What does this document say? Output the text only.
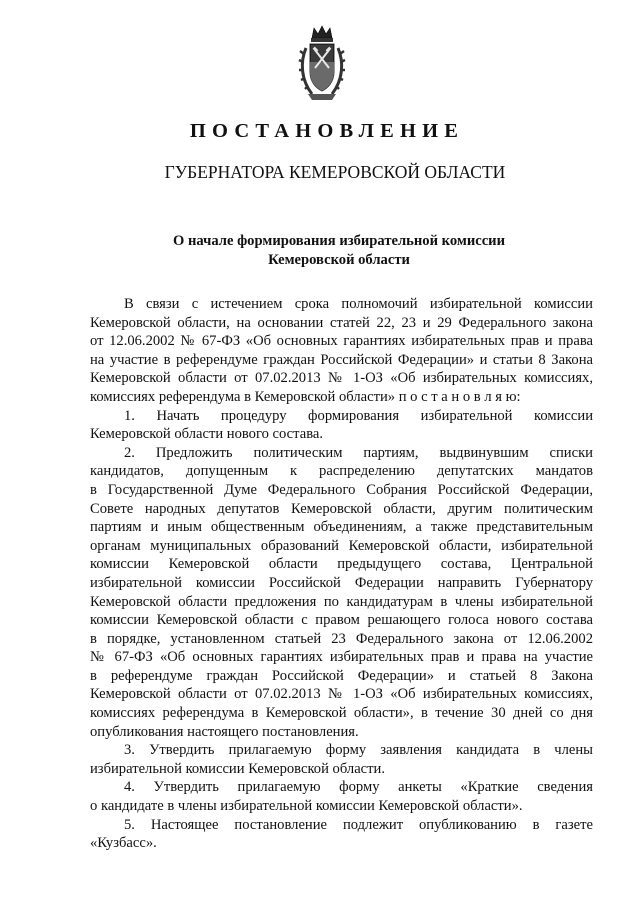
ПОСТАНОВЛЕНИЕ
ГУБЕРНАТОРА КЕМЕРОВСКОЙ ОБЛАСТИ
О начале формирования избирательной комиссии
Кемеровской области
В связи с истечением срока полномочий избирательной комиссии
Кемеровской области, на основании статей 22, 23 и 29 Федерального закона
от 12.06.2002 № 67-ФЗ «Об основных гарантиях избирательных прав и права
на участие в референдуме граждан Российской Федерации» и статьи 8 Закона
Кемеровской области от 07.02.2013 № 1-ОЗ «Об избирательных комиссиях,
комиссиях референдума в Кемеровской области» п о с т а н о в л я ю:
1. Начать процедуру формирования избирательной комиссии
Кемеровской области нового состава.
2. Предложить политическим партиям, выдвинувшим списки
кандидатов, допущенным к распределению депутатских мандатов
в Государственной Думе Федерального Собрания Российской Федерации,
Совете народных депутатов Кемеровской области, другим политическим
партиям и иным общественным объединениям, а также представительным
органам муниципальных образований Кемеровской области, избирательной
комиссии Кемеровской области предыдущего состава, Центральной
избирательной комиссии Российской Федерации направить Губернатору
Кемеровской области предложения по кандидатурам в члены избирательной
комиссии Кемеровской области с правом решающего голоса нового состава
в порядке, установленном статьей 23 Федерального закона от 12.06.2002
№ 67-ФЗ «Об основных гарантиях избирательных прав и права на участие
в референдуме граждан Российской Федерации» и статьей 8 Закона
Кемеровской области от 07.02.2013 № 1-ОЗ «Об избирательных комиссиях,
комиссиях референдума в Кемеровской области», в течение 30 дней со дня
опубликования настоящего постановления.
3. Утвердить прилагаемую форму заявления кандидата в члены
избирательной комиссии Кемеровской области.
4. Утвердить прилагаемую форму анкеты «Краткие сведения
о кандидате в члены избирательной комиссии Кемеровской области».
5. Настоящее постановление подлежит опубликованию в газете
«Кузбасс».
